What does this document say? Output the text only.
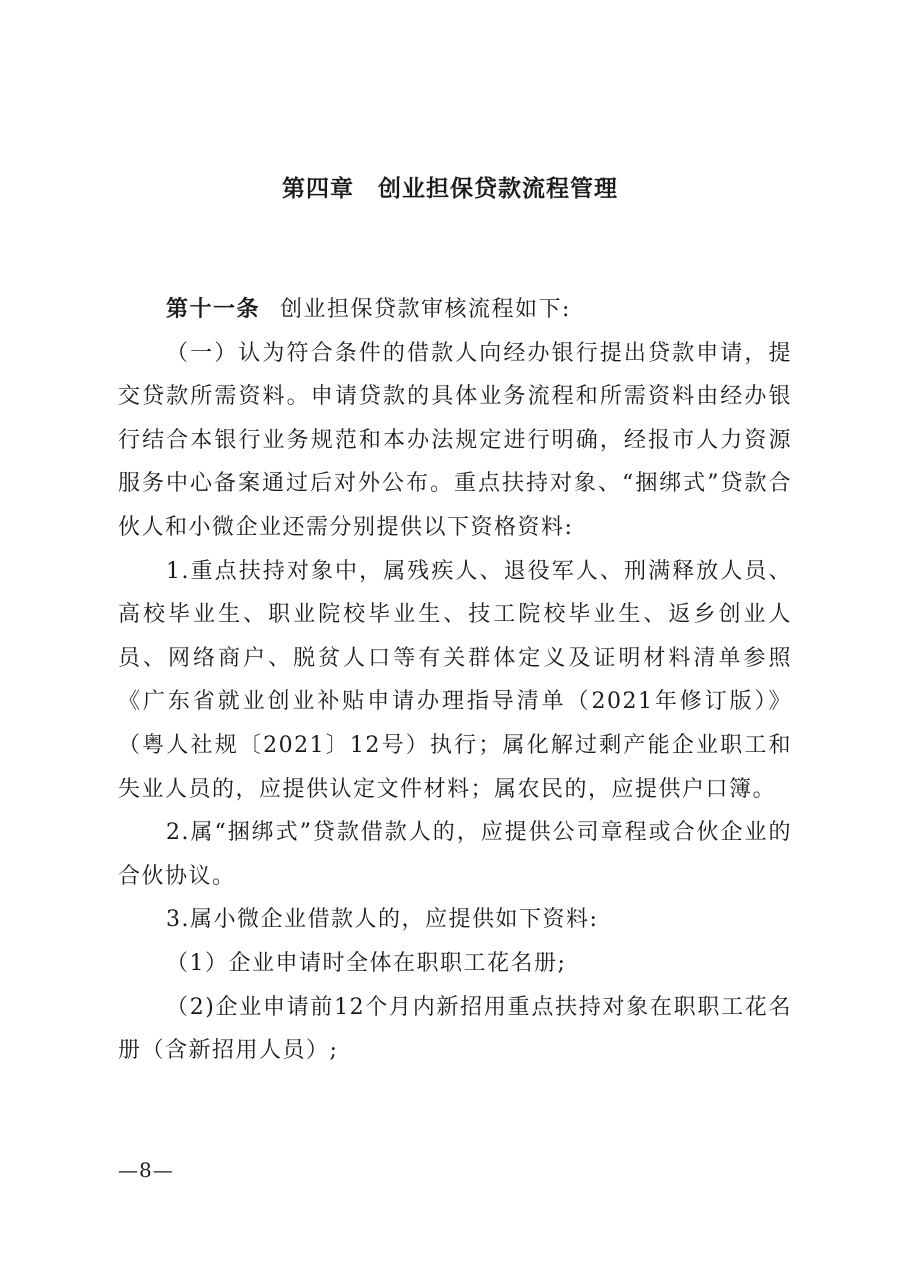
第四章　创业担保贷款流程管理

第十一条 创业担保贷款审核流程如下:

（一）认为符合条件的借款人向经办银行提出贷款申请，提交贷款所需资料。申请贷款的具体业务流程和所需资料由经办银行结合本银行业务规范和本办法规定进行明确，经报市人力资源服务中心备案通过后对外公布。重点扶持对象、“捆绑式”贷款合伙人和小微企业还需分别提供以下资格资料:

1.重点扶持对象中，属残疾人、退役军人、刑满释放人员、高校毕业生、职业院校毕业生、技工院校毕业生、返乡创业人员、网络商户、脱贫人口等有关群体定义及证明材料清单参照《广东省就业创业补贴申请办理指导清单（2021年修订版）》（粤人社规〔2021〕12号）执行；属化解过剩产能企业职工和失业人员的，应提供认定文件材料；属农民的，应提供户口簿。

2.属“捆绑式”贷款借款人的，应提供公司章程或合伙企业的合伙协议。

3.属小微企业借款人的，应提供如下资料:

（1）企业申请时全体在职职工花名册;

（2)企业申请前12个月内新招用重点扶持对象在职职工花名册（含新招用人员）;

—8—
